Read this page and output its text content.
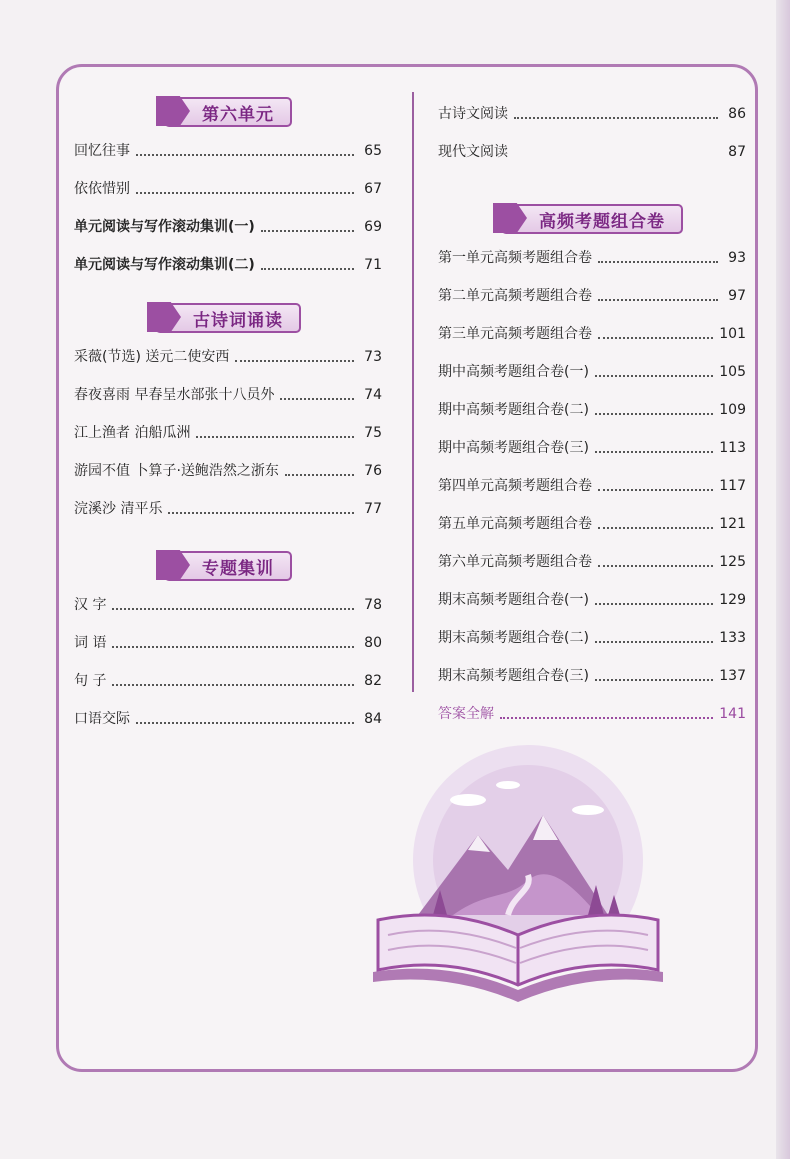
第六单元
回忆往事	65
依依惜别	67
单元阅读与写作滚动集训(一)	69
单元阅读与写作滚动集训(二)	71
古诗词诵读
采薇(节选) 送元二使安西	73
春夜喜雨 早春呈水部张十八员外	74
江上渔者 泊船瓜洲	75
游园不值 卜算子·送鲍浩然之浙东	76
浣溪沙 清平乐	77
专题集训
汉 字	78
词 语	80
句 子	82
口语交际	84
古诗文阅读	86
现代文阅读	87
高频考题组合卷
第一单元高频考题组合卷	93
第二单元高频考题组合卷	97
第三单元高频考题组合卷	101
期中高频考题组合卷(一)	105
期中高频考题组合卷(二)	109
期中高频考题组合卷(三)	113
第四单元高频考题组合卷	117
第五单元高频考题组合卷	121
第六单元高频考题组合卷	125
期末高频考题组合卷(一)	129
期末高频考题组合卷(二)	133
期末高频考题组合卷(三)	137
答案全解	141
